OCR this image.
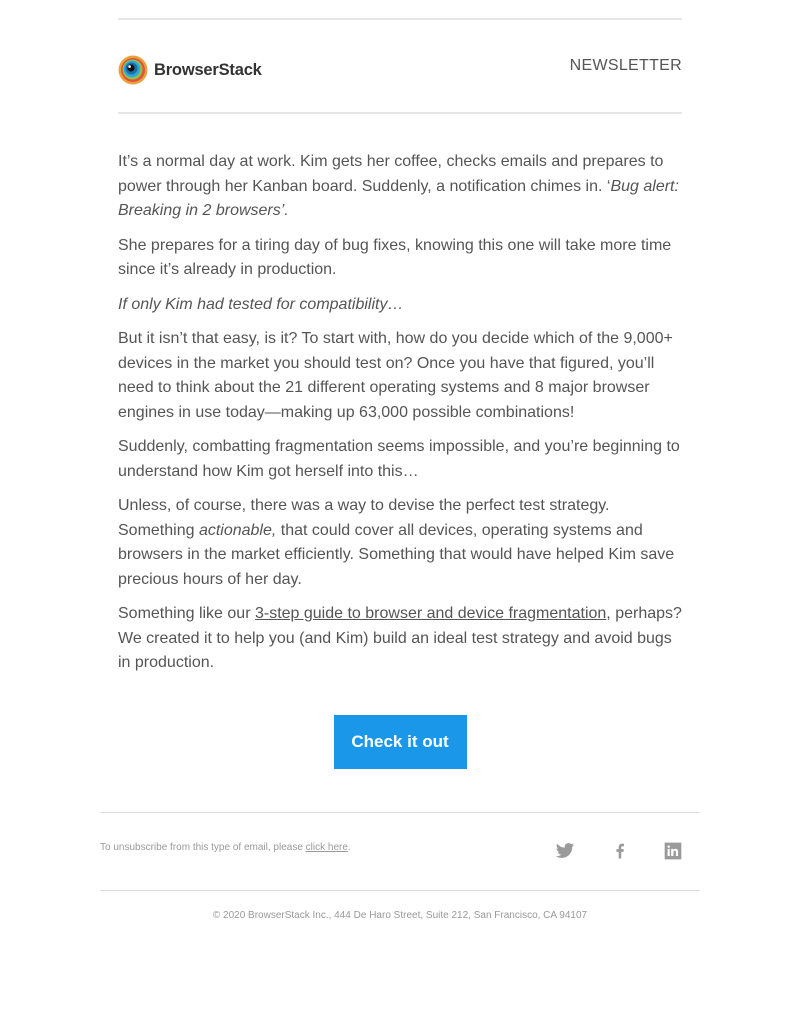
BrowserStack	NEWSLETTER

It’s a normal day at work. Kim gets her coffee, checks emails and prepares to power through her Kanban board. Suddenly, a notification chimes in. ‘Bug alert: Breaking in 2 browsers’.

She prepares for a tiring day of bug fixes, knowing this one will take more time since it’s already in production.

If only Kim had tested for compatibility…

But it isn’t that easy, is it? To start with, how do you decide which of the 9,000+ devices in the market you should test on? Once you have that figured, you’ll need to think about the 21 different operating systems and 8 major browser engines in use today—making up 63,000 possible combinations!

Suddenly, combatting fragmentation seems impossible, and you’re beginning to understand how Kim got herself into this…

Unless, of course, there was a way to devise the perfect test strategy. Something actionable, that could cover all devices, operating systems and browsers in the market efficiently. Something that would have helped Kim save precious hours of her day.

Something like our 3-step guide to browser and device fragmentation, perhaps? We created it to help you (and Kim) build an ideal test strategy and avoid bugs in production.

Check it out
To unsubscribe from this type of email, please click here.
© 2020 BrowserStack Inc., 444 De Haro Street, Suite 212, San Francisco, CA 94107
